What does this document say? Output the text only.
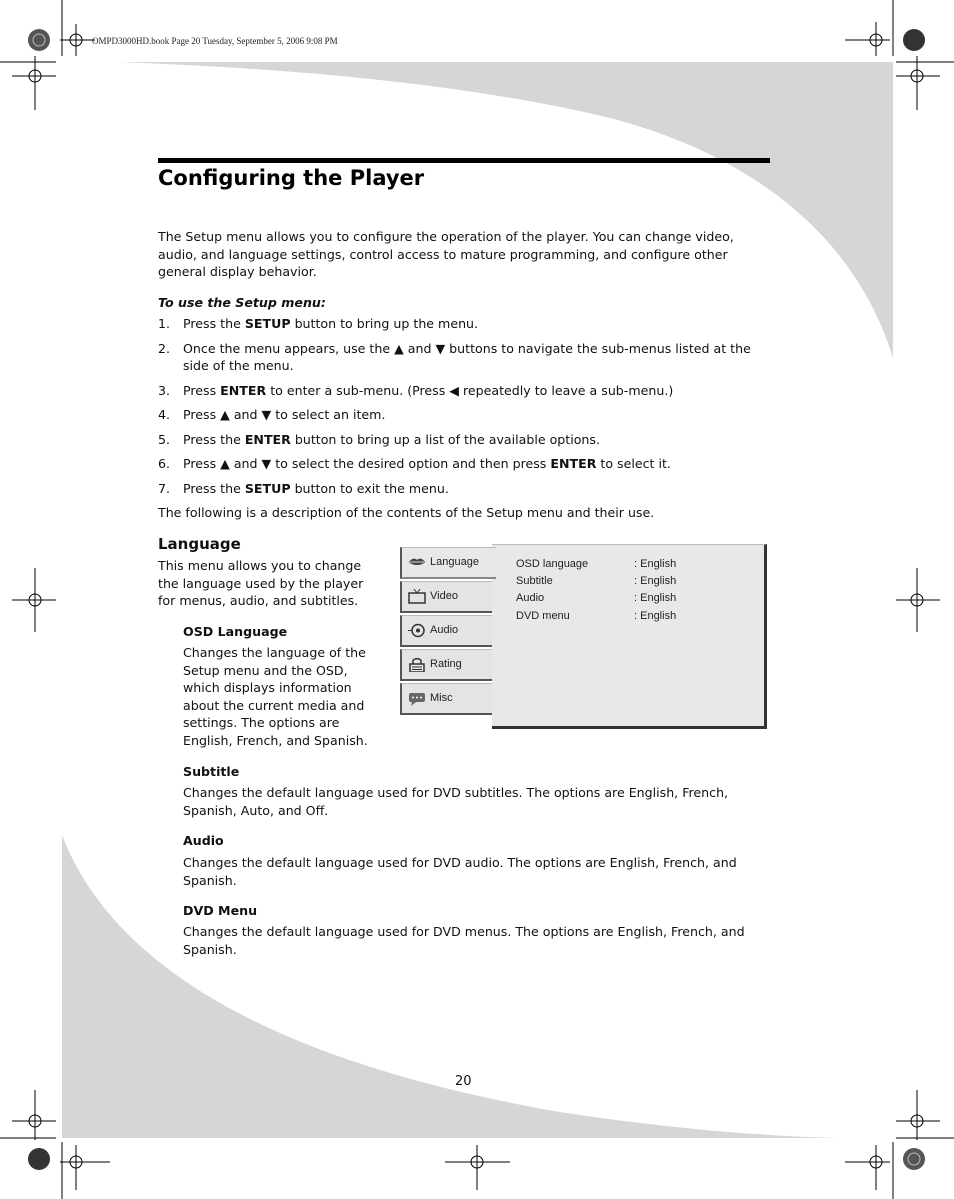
OMPD3000HD.book Page 20 Tuesday, September 5, 2006 9:08 PM
Configuring the Player
The Setup menu allows you to configure the operation of the player. You can change video, audio, and language settings, control access to mature programming, and configure other general display behavior.
To use the Setup menu:
1. Press the SETUP button to bring up the menu.
2. Once the menu appears, use the ▲ and ▼ buttons to navigate the sub-menus listed at the side of the menu.
3. Press ENTER to enter a sub-menu. (Press ◀ repeatedly to leave a sub-menu.)
4. Press ▲ and ▼ to select an item.
5. Press the ENTER button to bring up a list of the available options.
6. Press ▲ and ▼ to select the desired option and then press ENTER to select it.
7. Press the SETUP button to exit the menu.
The following is a description of the contents of the Setup menu and their use.
Language
This menu allows you to change the language used by the player for menus, audio, and subtitles.
OSD Language
Changes the language of the Setup menu and the OSD, which displays information about the current media and settings. The options are English, French, and Spanish.
Language
Video
Audio
Rating
Misc
OSD language	: English
Subtitle	: English
Audio	: English
DVD menu	: English
Subtitle
Changes the default language used for DVD subtitles. The options are English, French, Spanish, Auto, and Off.
Audio
Changes the default language used for DVD audio. The options are English, French, and Spanish.
DVD Menu
Changes the default language used for DVD menus. The options are English, French, and Spanish.
20
